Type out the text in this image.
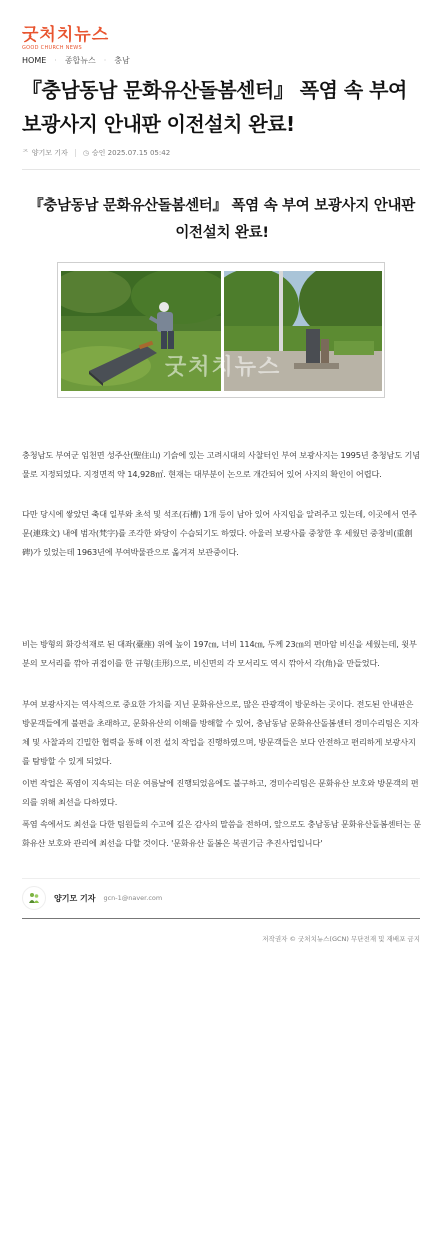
굿처치뉴스
GOOD CHURCH NEWS
HOME · 종합뉴스 · 충남
『충남동남 문화유산돌봄센터』 폭염 속 부여 보광사지 안내판 이전설치 완료!
ᄌ 양기모 기자 ◷ 승인 2025.07.15 05:42
『충남동남 문화유산돌봄센터』 폭염 속 부여 보광사지 안내판 이전설치 완료!
굿처치뉴스

충청남도 부여군 임천면 성주산(聖住山) 기슭에 있는 고려시대의 사찰터인 부여 보광사지는 1995년 충청남도 기념물로 지정되었다. 지정면적 약 14,928㎡. 현재는 대부분이 논으로 개간되어 있어 사지의 확인이 어렵다.

다만 당시에 쌓았던 축대 일부와 초석 및 석조(石槽) 1개 등이 남아 있어 사지임을 알려주고 있는데, 이곳에서 연주문(連珠文) 내에 범자(梵字)를 조각한 와당이 수습되기도 하였다. 아울러 보광사를 중창한 후 세웠던 중창비(重創碑)가 있었는데 1963년에 부여박물관으로 옮겨져 보관중이다.

비는 방형의 화강석재로 된 대좌(臺座) 위에 높이 197㎝, 너비 114㎝, 두께 23㎝의 편마암 비신을 세웠는데, 윗부분의 모서리를 깎아 귀접이를 한 규형(圭形)으로, 비신면의 각 모서리도 역시 깎아서 각(角)을 만들었다.

부여 보광사지는 역사적으로 중요한 가치를 지닌 문화유산으로, 많은 관광객이 방문하는 곳이다. 전도된 안내판은 방문객들에게 불편을 초래하고, 문화유산의 이해를 방해할 수 있어, 충남동남 문화유산돌봄센터 경미수리팀은 지자체 및 사찰과의 긴밀한 협력을 통해 이전 설치 작업을 진행하였으며, 방문객들은 보다 안전하고 편리하게 보광사지를 탐방할 수 있게 되었다.

이번 작업은 폭염이 지속되는 더운 여름날에 진행되었음에도 불구하고, 경미수리팀은 문화유산 보호와 방문객의 편의를 위해 최선을 다하였다.

폭염 속에서도 최선을 다한 팀원들의 수고에 깊은 감사의 말씀을 전하며, 앞으로도 충남동남 문화유산돌봄센터는 문화유산 보호와 관리에 최선을 다할 것이다. '문화유산 돌봄은 복권기금 추진사업입니다'

양기모 기자 gcn-1@naver.com
저작권자 © 굿처치뉴스(GCN) 무단전재 및 재배포 금지
